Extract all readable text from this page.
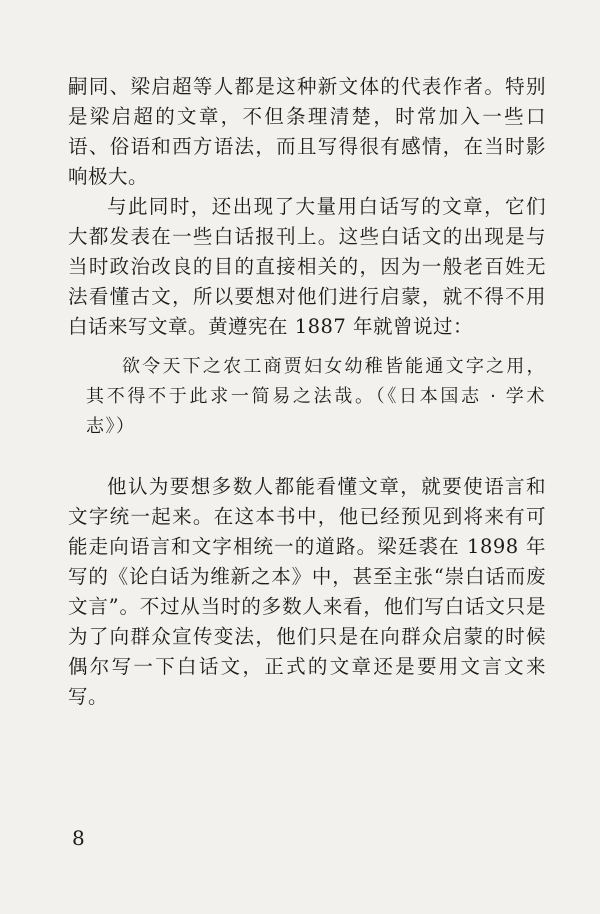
嗣同、梁启超等人都是这种新文体的代表作者。特别是梁启超的文章，不但条理清楚，时常加入一些口语、俗语和西方语法，而且写得很有感情，在当时影响极大。

与此同时，还出现了大量用白话写的文章，它们大都发表在一些白话报刊上。这些白话文的出现是与当时政治改良的目的直接相关的，因为一般老百姓无法看懂古文，所以要想对他们进行启蒙，就不得不用白话来写文章。黄遵宪在 1887 年就曾说过：

欲令天下之农工商贾妇女幼稚皆能通文字之用，其不得不于此求一简易之法哉。（《日本国志 · 学术志》）

他认为要想多数人都能看懂文章，就要使语言和文字统一起来。在这本书中，他已经预见到将来有可能走向语言和文字相统一的道路。梁廷裘在 1898 年写的《论白话为维新之本》中，甚至主张“崇白话而废文言”。不过从当时的多数人来看，他们写白话文只是为了向群众宣传变法，他们只是在向群众启蒙的时候偶尔写一下白话文，正式的文章还是要用文言文来写。

8
